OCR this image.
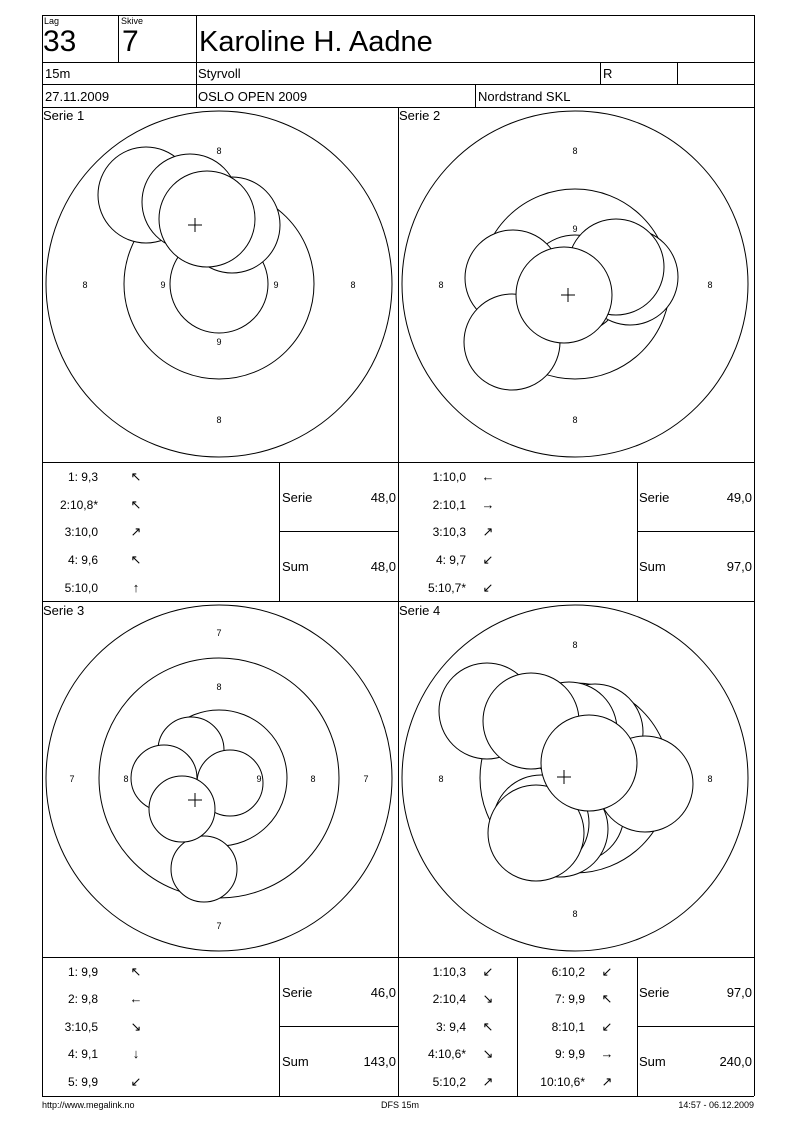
Lag
33
Skive
7 Karoline H. Aadne
15m	Styrvoll	R
27.11.2009	OSLO OPEN 2009	Nordstrand SKL
Serie 1
8
8
8	8
9	9
9
Serie 2
8
8
8	8
9
Serie 3
7
7
7	7
8
8	8
9
Serie 4
8
8
8	8
1: 9,3	↖
2:10,8*	↖
3:10,0	↗
4: 9,6	↖
5:10,0	↑
Serie	48,0
Sum	48,0
1:10,0 ←
2:10,1 →
3:10,3 ↗
4: 9,7 ↙
5:10,7* ↙
Serie	49,0
Sum	97,0
1: 9,9	↖
2: 9,8 ←
3:10,5	↘
4: 9,1	↓
5: 9,9	↙
Serie	46,0
Sum	143,0
1:10,3 ↙
2:10,4 ↘
3: 9,4 ↖
4:10,6* ↘
5:10,2 ↗
6:10,2 ↙
7: 9,9 ↖
8:10,1 ↙
9: 9,9 →
10:10,6* ↗
Serie	97,0
Sum	240,0
http://www.megalink.no	DFS 15m	14:57 - 06.12.2009
